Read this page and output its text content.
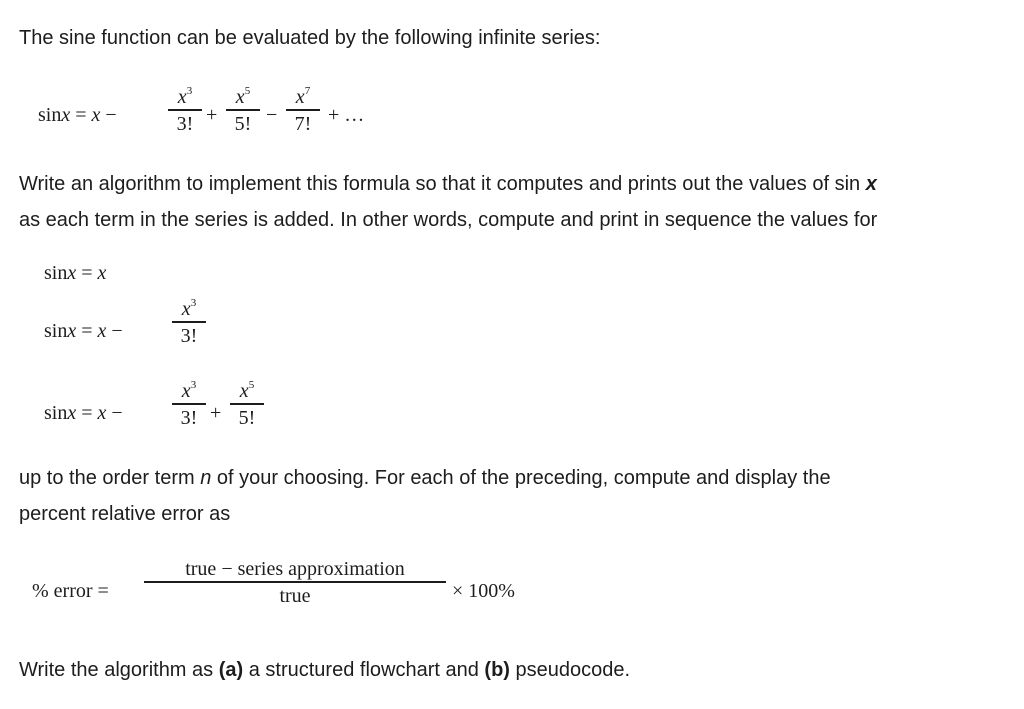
The sine function can be evaluated by the following infinite series:

sinx = x −
$x^3$
3! +
$x^5$
5! −
$x^7$
7! + …

Write an algorithm to implement this formula so that it computes and prints out the values of sin x

as each term in the series is added. In other words, compute and print in sequence the values for

sinx = x
sinx = x −
$x^3$
3!
sinx = x −
$x^3$
3! +
$x^5$
5!

up to the order term n of your choosing. For each of the preceding, compute and display the

percent relative error as

% error =
true − series approximation
true	× 100%

Write the algorithm as (a) a structured flowchart and (b) pseudocode.
